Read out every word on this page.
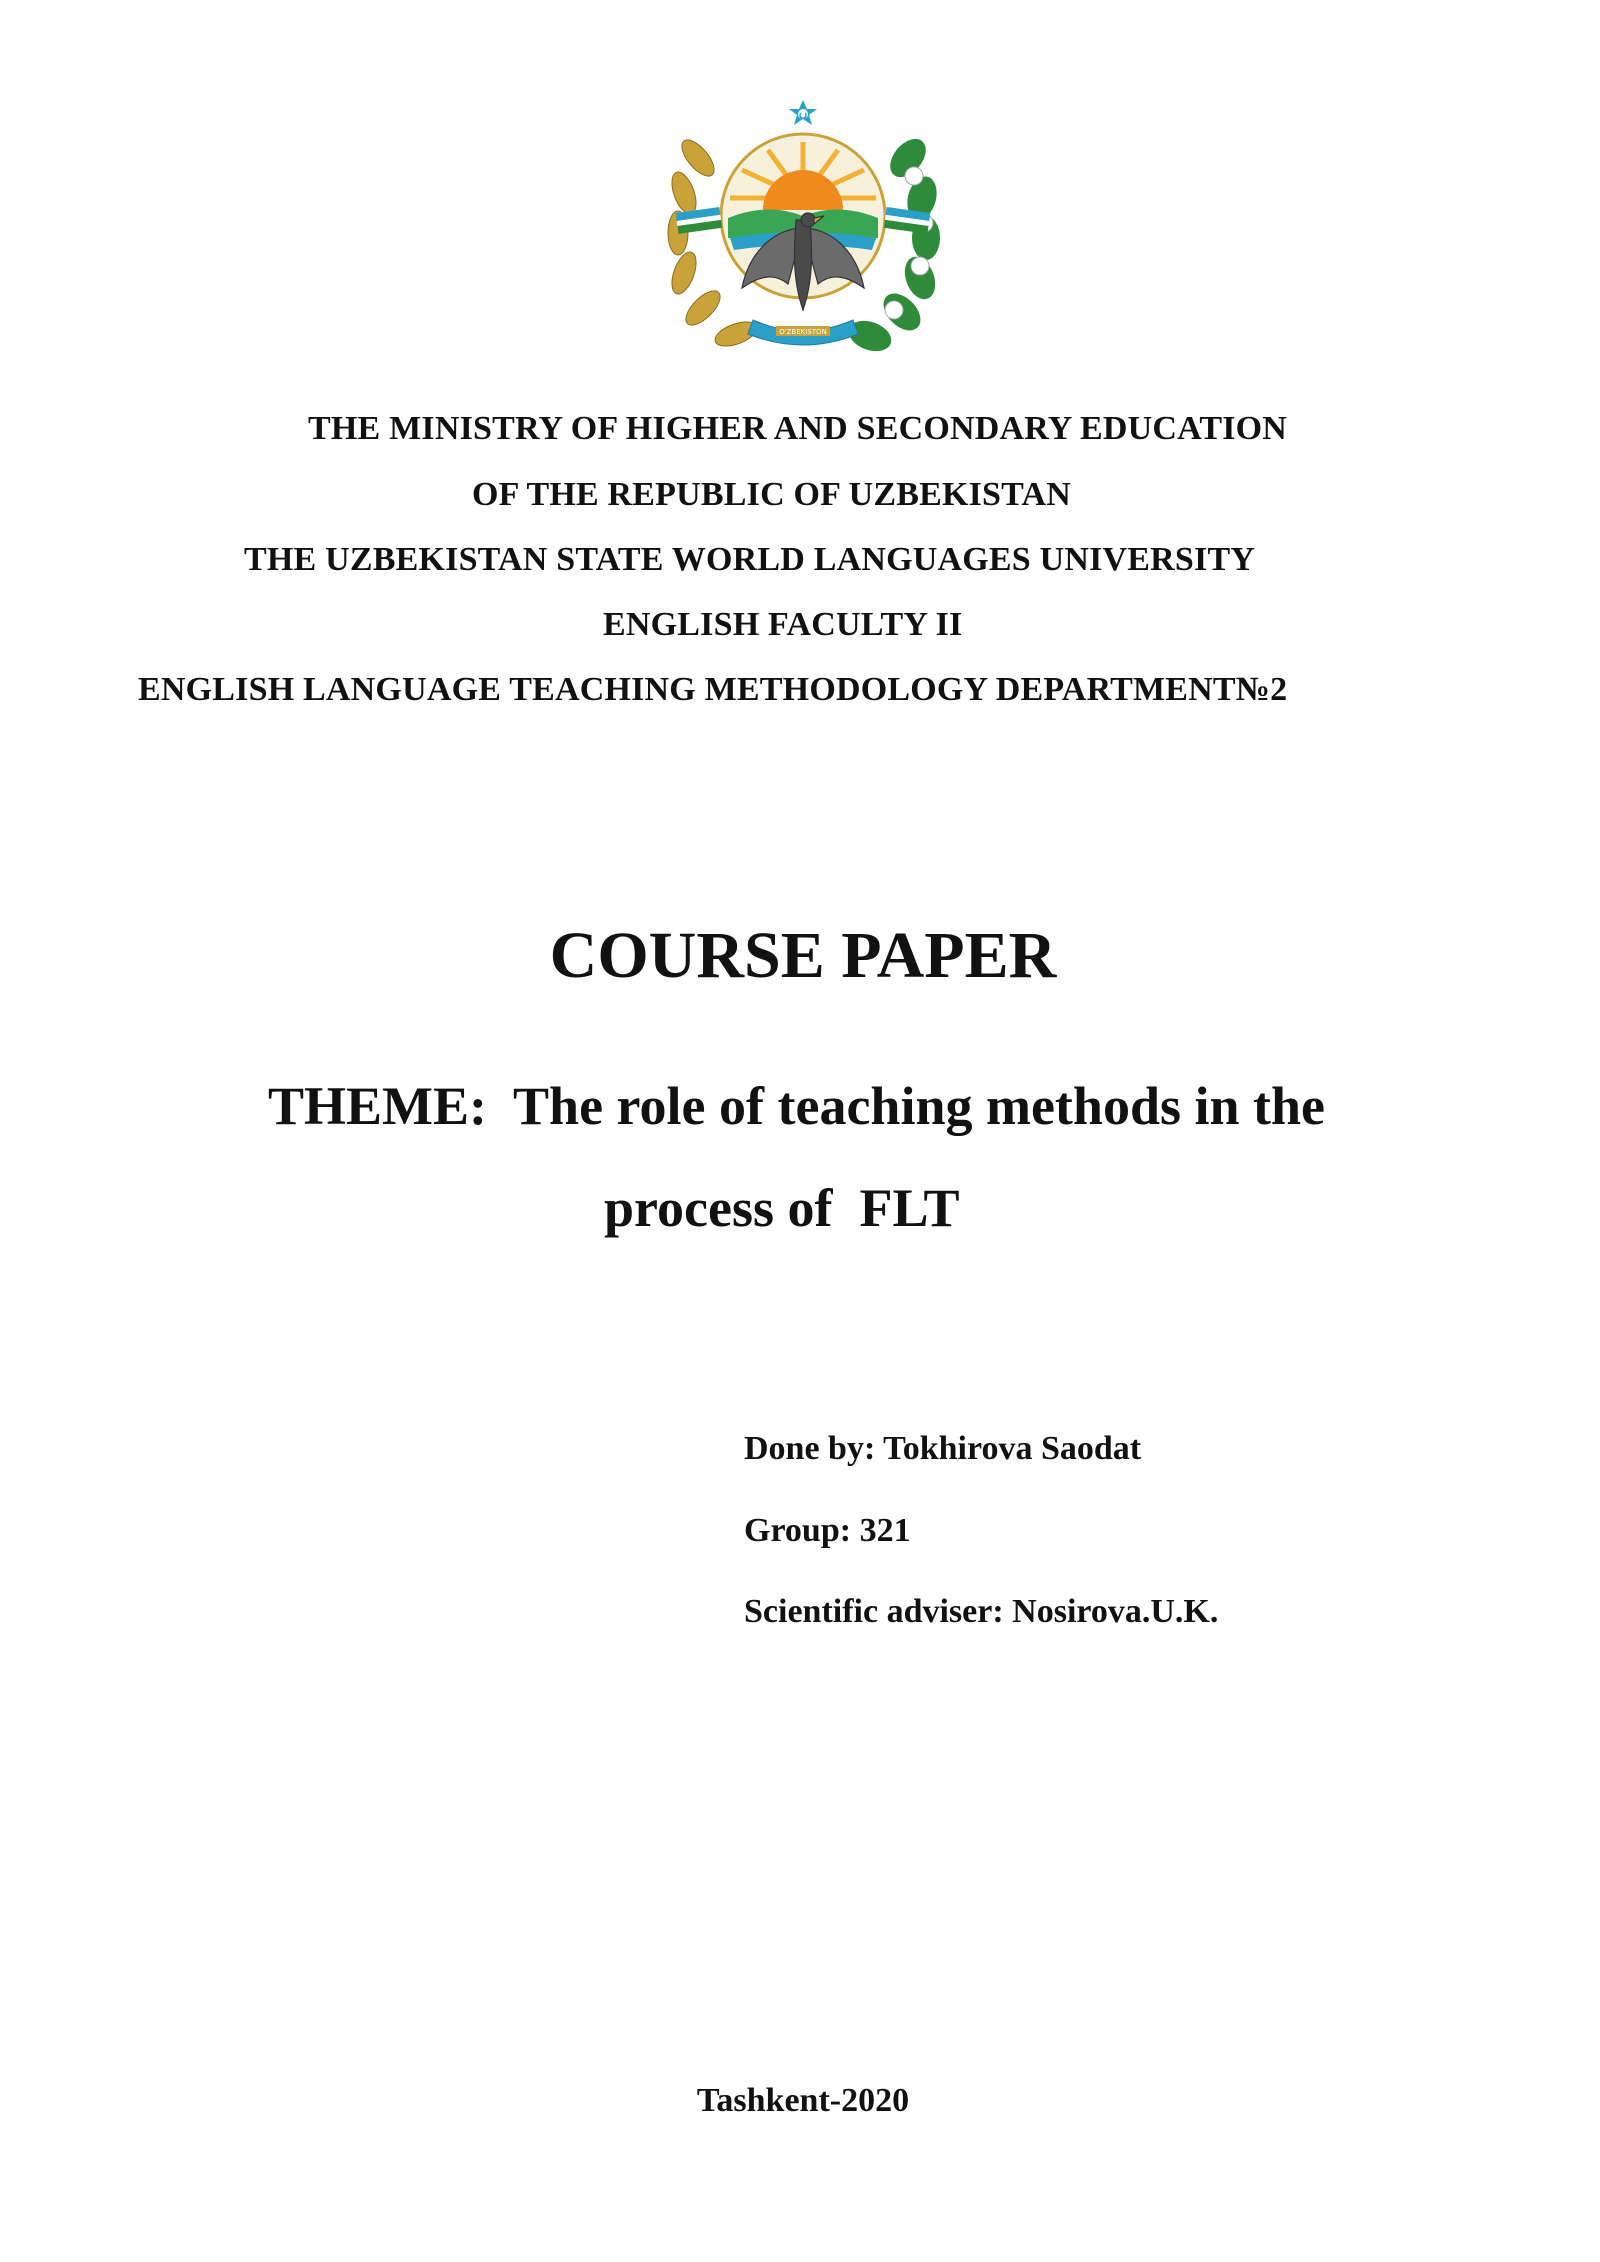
O'ZBEKISTON
THE MINISTRY OF HIGHER AND SECONDARY EDUCATION
OF THE REPUBLIC OF UZBEKISTAN
THE UZBEKISTAN STATE WORLD LANGUAGES UNIVERSITY
ENGLISH FACULTY II
ENGLISH LANGUAGE TEACHING METHODOLOGY DEPARTMENT№2
COURSE PAPER
THEME:  The role of teaching methods in the
process of  FLT
Done by: Tokhirova Saodat
Group: 321
Scientific adviser: Nosirova.U.K.
Tashkent-2020
